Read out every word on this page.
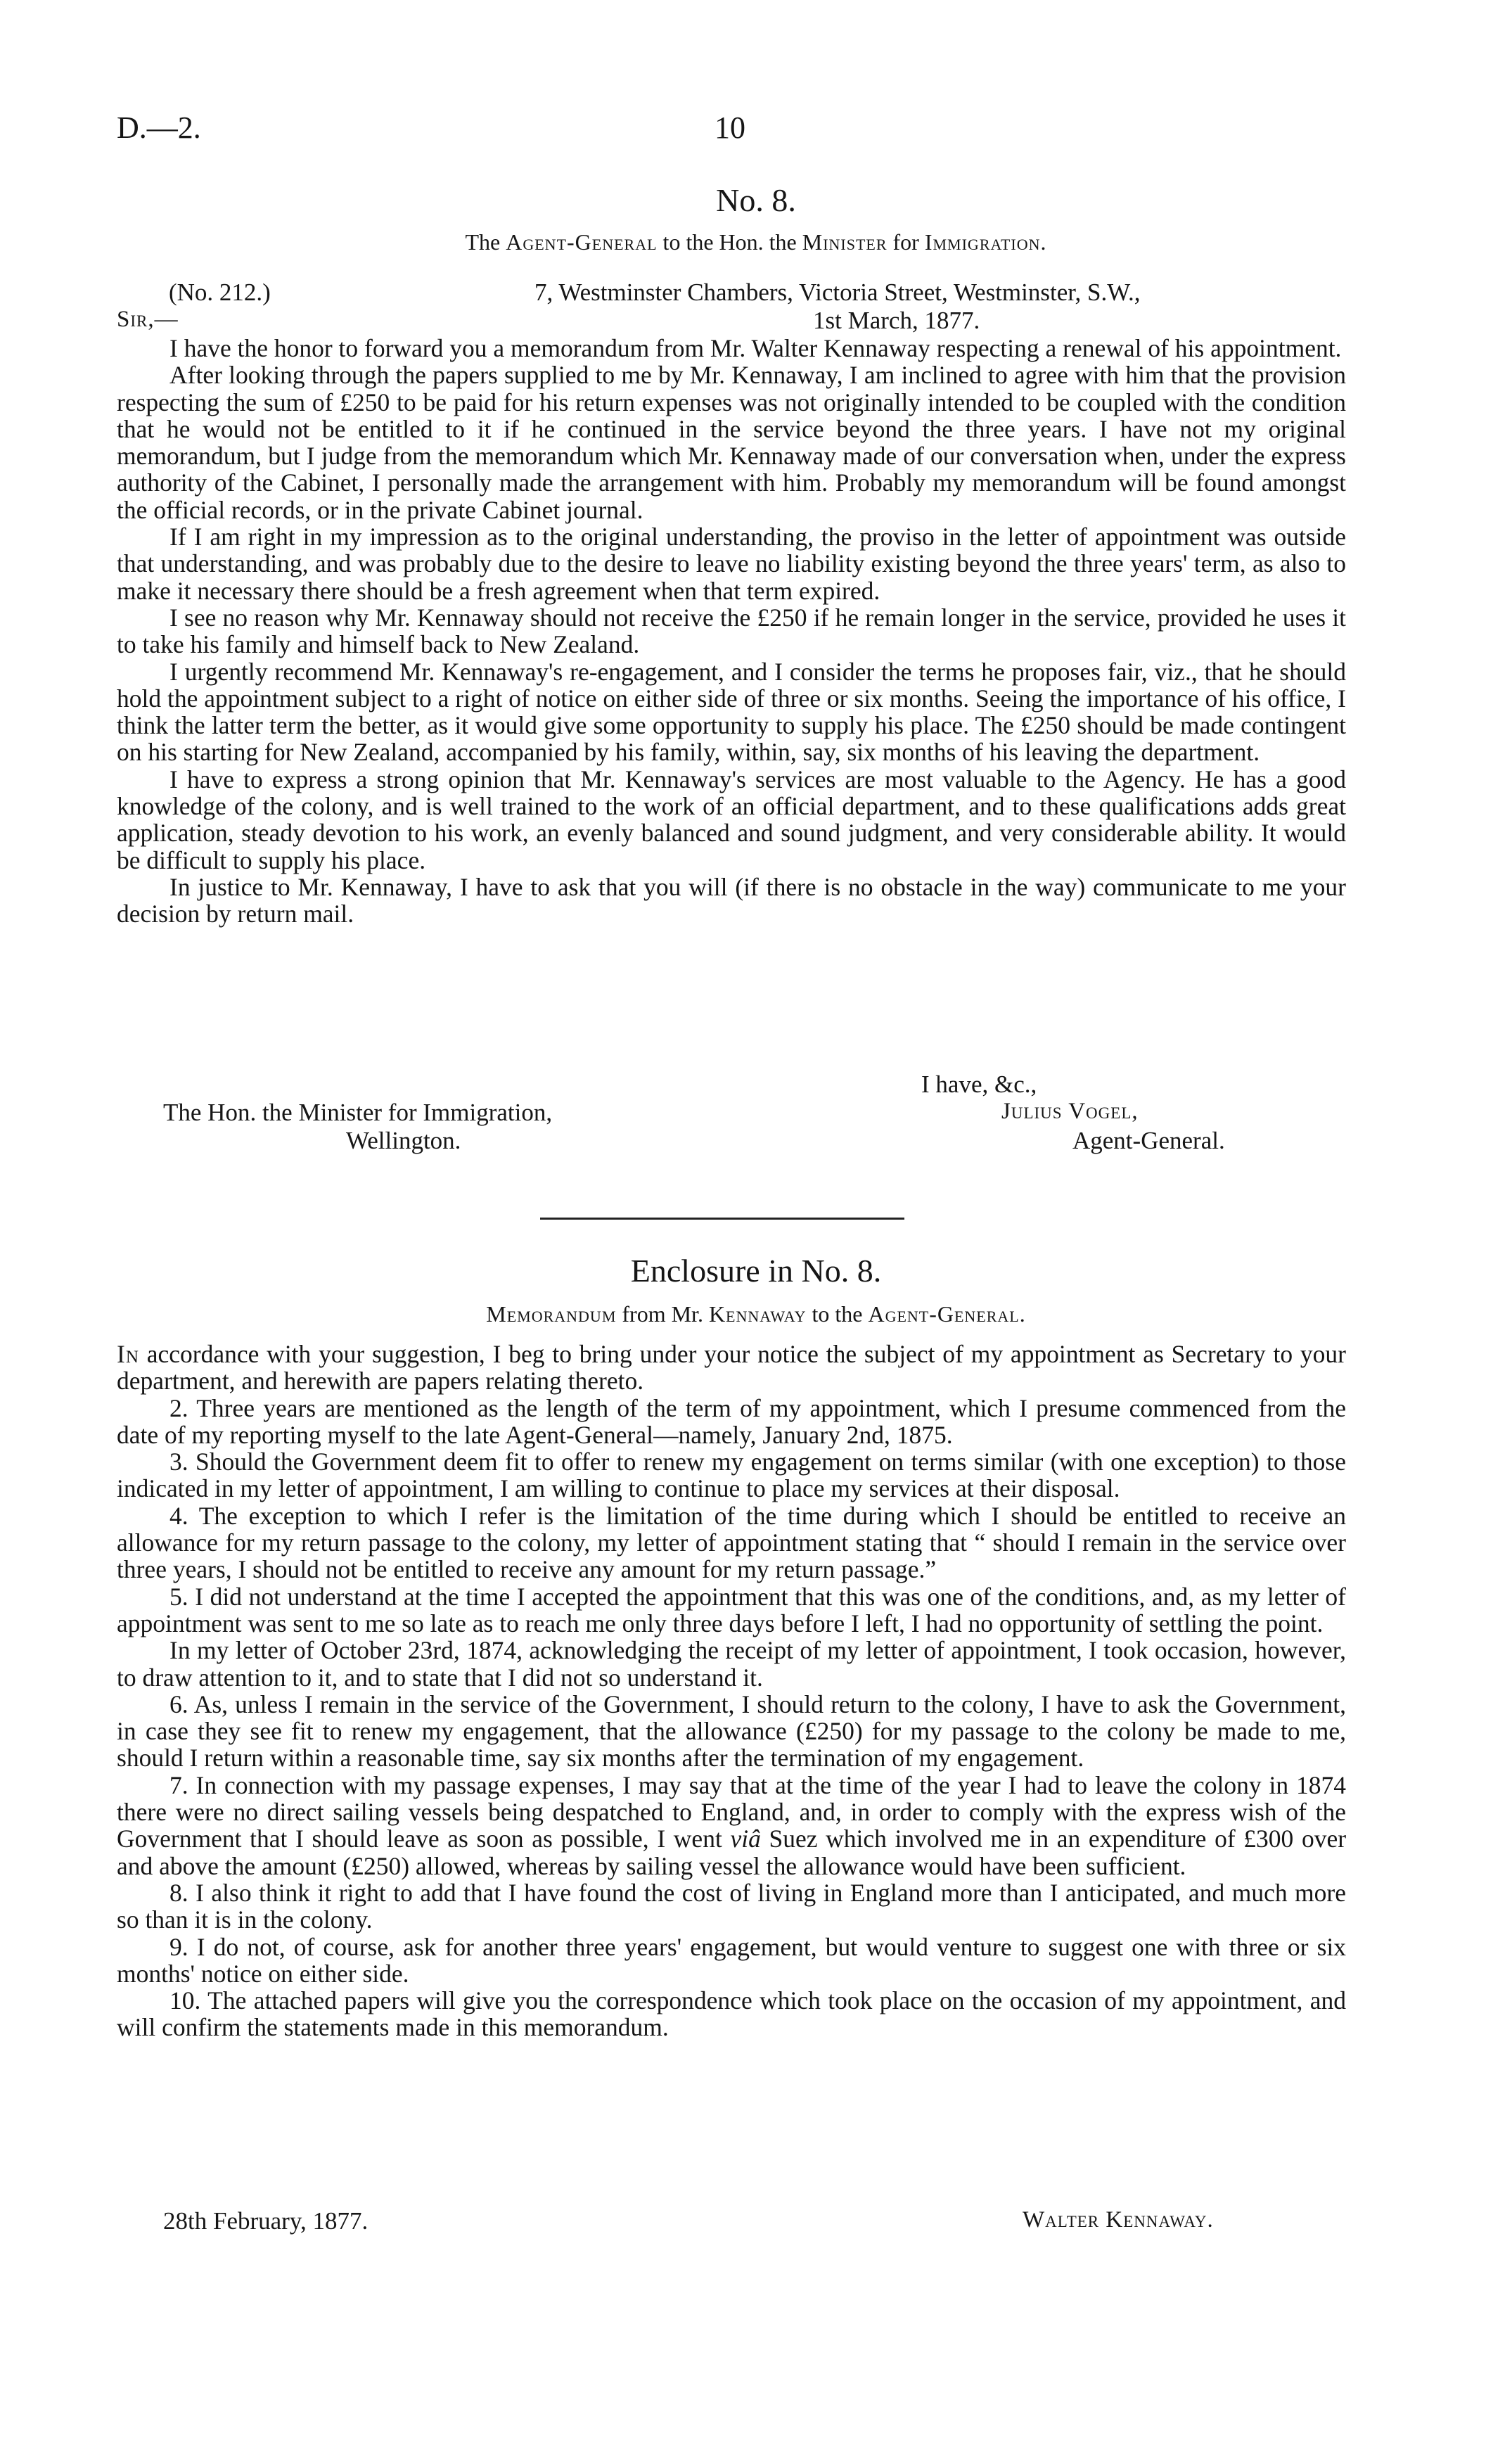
D.—2.	10
No. 8.
The Agent-General to the Hon. the Minister for Immigration.
(No. 212.)	7, Westminster Chambers, Victoria Street, Westminster, S.W.,
Sir,—	1st March, 1877.

I have the honor to forward you a memorandum from Mr. Walter Kennaway respecting a renewal of his appointment.

After looking through the papers supplied to me by Mr. Kennaway, I am inclined to agree with him that the provision respecting the sum of £250 to be paid for his return expenses was not originally intended to be coupled with the condition that he would not be entitled to it if he continued in the service beyond the three years. I have not my original memorandum, but I judge from the memorandum which Mr. Kennaway made of our conversation when, under the express authority of the Cabinet, I personally made the arrangement with him. Probably my memorandum will be found amongst the official records, or in the private Cabinet journal.

If I am right in my impression as to the original understanding, the proviso in the letter of appointment was outside that understanding, and was probably due to the desire to leave no liability existing beyond the three years' term, as also to make it necessary there should be a fresh agreement when that term expired.

I see no reason why Mr. Kennaway should not receive the £250 if he remain longer in the service, provided he uses it to take his family and himself back to New Zealand.

I urgently recommend Mr. Kennaway's re-engagement, and I consider the terms he proposes fair, viz., that he should hold the appointment subject to a right of notice on either side of three or six months. Seeing the importance of his office, I think the latter term the better, as it would give some opportunity to supply his place. The £250 should be made contingent on his starting for New Zealand, accompanied by his family, within, say, six months of his leaving the department.

I have to express a strong opinion that Mr. Kennaway's services are most valuable to the Agency. He has a good knowledge of the colony, and is well trained to the work of an official department, and to these qualifications adds great application, steady devotion to his work, an evenly balanced and sound judgment, and very considerable ability. It would be difficult to supply his place.

In justice to Mr. Kennaway, I have to ask that you will (if there is no obstacle in the way) communicate to me your decision by return mail.

I have, &c.,
The Hon. the Minister for Immigration,	Julius Vogel,
Wellington.	Agent-General.
Enclosure in No. 8.
Memorandum from Mr. Kennaway to the Agent-General.

In accordance with your suggestion, I beg to bring under your notice the subject of my appointment as Secretary to your department, and herewith are papers relating thereto.

2. Three years are mentioned as the length of the term of my appointment, which I presume commenced from the date of my reporting myself to the late Agent-General—namely, January 2nd, 1875.

3. Should the Government deem fit to offer to renew my engagement on terms similar (with one exception) to those indicated in my letter of appointment, I am willing to continue to place my services at their disposal.

4. The exception to which I refer is the limitation of the time during which I should be entitled to receive an allowance for my return passage to the colony, my letter of appointment stating that “ should I remain in the service over three years, I should not be entitled to receive any amount for my return passage.”

5. I did not understand at the time I accepted the appointment that this was one of the conditions, and, as my letter of appointment was sent to me so late as to reach me only three days before I left, I had no opportunity of settling the point.

In my letter of October 23rd, 1874, acknowledging the receipt of my letter of appointment, I took occasion, however, to draw attention to it, and to state that I did not so understand it.

6. As, unless I remain in the service of the Government, I should return to the colony, I have to ask the Government, in case they see fit to renew my engagement, that the allowance (£250) for my passage to the colony be made to me, should I return within a reasonable time, say six months after the termination of my engagement.

7. In connection with my passage expenses, I may say that at the time of the year I had to leave the colony in 1874 there were no direct sailing vessels being despatched to England, and, in order to comply with the express wish of the Government that I should leave as soon as possible, I went viâ Suez which involved me in an expenditure of £300 over and above the amount (£250) allowed, whereas by sailing vessel the allowance would have been sufficient.

8. I also think it right to add that I have found the cost of living in England more than I anticipated, and much more so than it is in the colony.

9. I do not, of course, ask for another three years' engagement, but would venture to suggest one with three or six months' notice on either side.

10. The attached papers will give you the correspondence which took place on the occasion of my appointment, and will confirm the statements made in this memorandum.

28th February, 1877.	Walter Kennaway.
